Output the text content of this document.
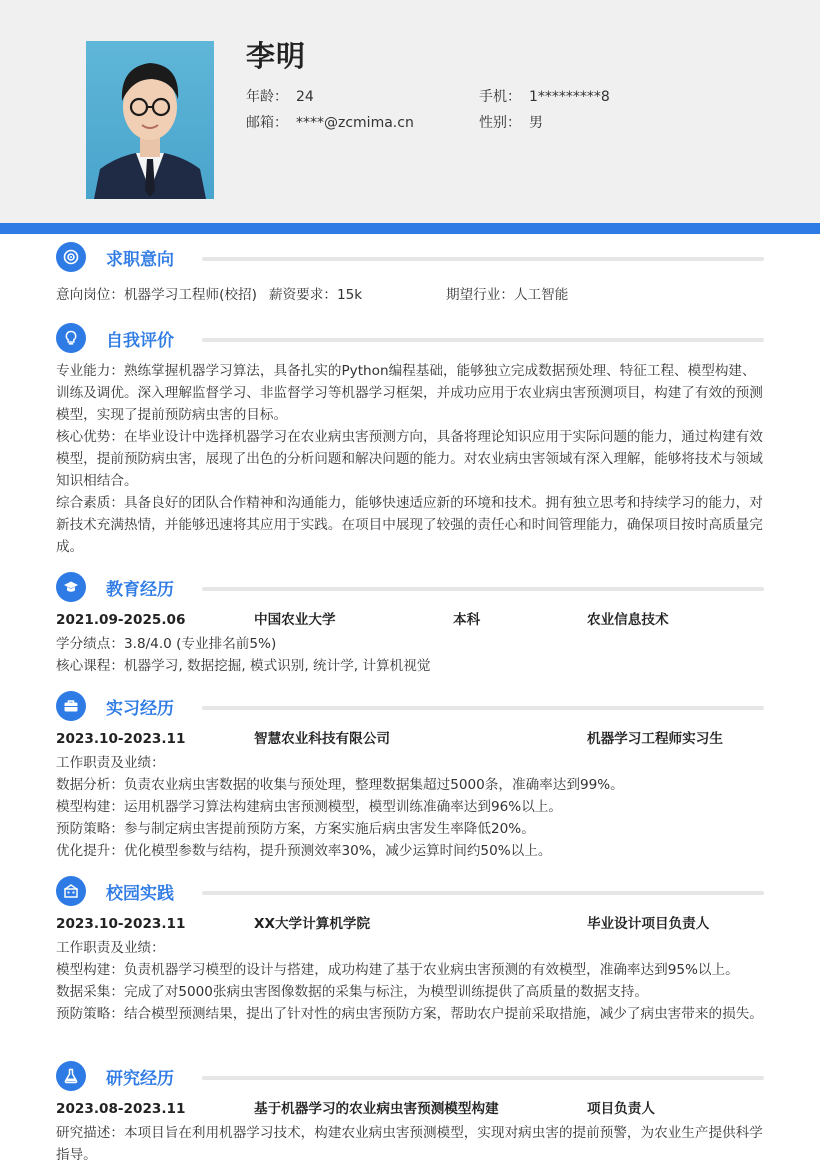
李明
年龄： 24	手机： 1*********8
邮箱： ****@zcmima.cn	性别： 男
求职意向
意向岗位：机器学习工程师(校招) 薪资要求：15k	期望行业：人工智能
自我评价
专业能力：熟练掌握机器学习算法，具备扎实的Python编程基础，能够独立完成数据预处理、特征工程、模型构建、训练及调优。深入理解监督学习、非监督学习等机器学习框架，并成功应用于农业病虫害预测项目，构建了有效的预测模型，实现了提前预防病虫害的目标。
核心优势：在毕业设计中选择机器学习在农业病虫害预测方向，具备将理论知识应用于实际问题的能力，通过构建有效模型，提前预防病虫害，展现了出色的分析问题和解决问题的能力。对农业病虫害领域有深入理解，能够将技术与领域知识相结合。
综合素质：具备良好的团队合作精神和沟通能力，能够快速适应新的环境和技术。拥有独立思考和持续学习的能力，对新技术充满热情，并能够迅速将其应用于实践。在项目中展现了较强的责任心和时间管理能力，确保项目按时高质量完成。
教育经历
2021.09-2025.06	中国农业大学	本科	农业信息技术
学分绩点：3.8/4.0 (专业排名前5%)
核心课程：机器学习, 数据挖掘, 模式识别, 统计学, 计算机视觉
实习经历
2023.10-2023.11	智慧农业科技有限公司	机器学习工程师实习生
工作职责及业绩：
数据分析：负责农业病虫害数据的收集与预处理，整理数据集超过5000条，准确率达到99%。
模型构建：运用机器学习算法构建病虫害预测模型，模型训练准确率达到96%以上。
预防策略：参与制定病虫害提前预防方案，方案实施后病虫害发生率降低20%。
优化提升：优化模型参数与结构，提升预测效率30%，减少运算时间约50%以上。
校园实践
2023.10-2023.11	XX大学计算机学院	毕业设计项目负责人
工作职责及业绩：
模型构建：负责机器学习模型的设计与搭建，成功构建了基于农业病虫害预测的有效模型，准确率达到95%以上。
数据采集：完成了对5000张病虫害图像数据的采集与标注，为模型训练提供了高质量的数据支持。
预防策略：结合模型预测结果，提出了针对性的病虫害预防方案，帮助农户提前采取措施，减少了病虫害带来的损失。
研究经历
2023.08-2023.11	基于机器学习的农业病虫害预测模型构建	项目负责人
研究描述：本项目旨在利用机器学习技术，构建农业病虫害预测模型，实现对病虫害的提前预警，为农业生产提供科学指导。
